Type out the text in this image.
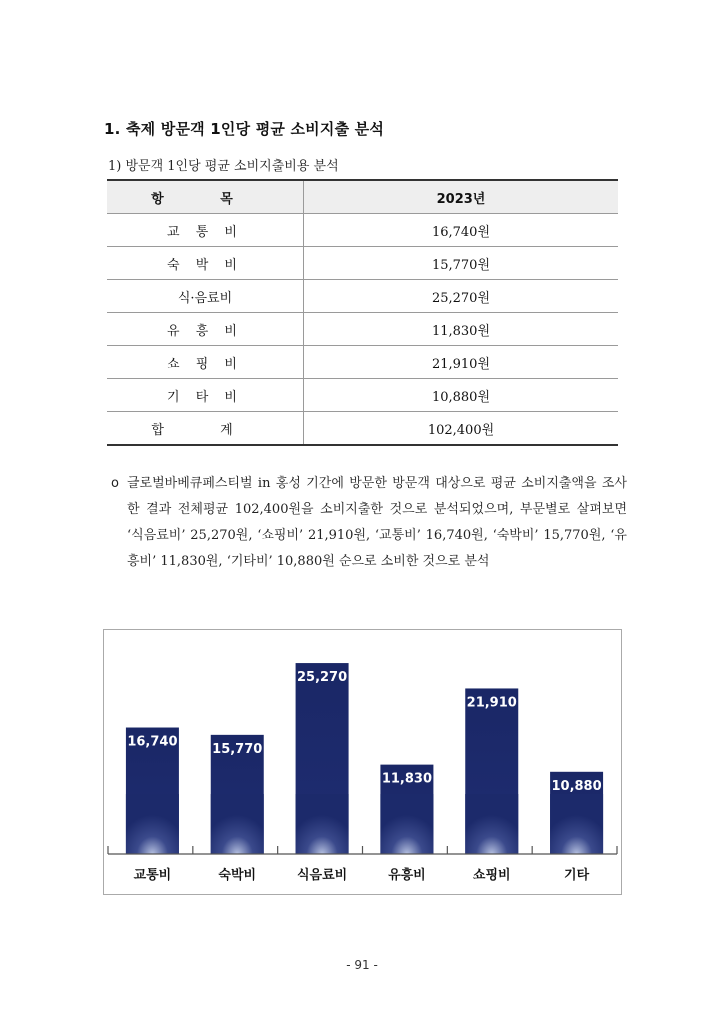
1. 축제 방문객 1인당 평균 소비지출 분석
1) 방문객 1인당 평균 소비지출비용 분석
항 목	2023년
교 통 비	16,740원
숙 박 비	15,770원
식·음료비	25,270원
유 흥 비	11,830원
쇼 핑 비	21,910원
기 타 비	10,880원
합 계	102,400원
o 글로벌바베큐페스티벌 in 홍성 기간에 방문한 방문객 대상으로 평균 소비지출액을 조사한 결과 전체평균 102,400원을 소비지출한 것으로 분석되었으며, 부문별로 살펴보면 ‘식음료비’ 25,270원, ‘쇼핑비’ 21,910원, ‘교통비’ 16,740원, ‘숙박비’ 15,770원, ‘유흥비’ 11,830원, ‘기타비’ 10,880원 순으로 소비한 것으로 분석
16,740
교통비
15,770
숙박비
25,270
식음료비
11,830
유흥비
21,910
쇼핑비
10,880
기타
- 91 -
